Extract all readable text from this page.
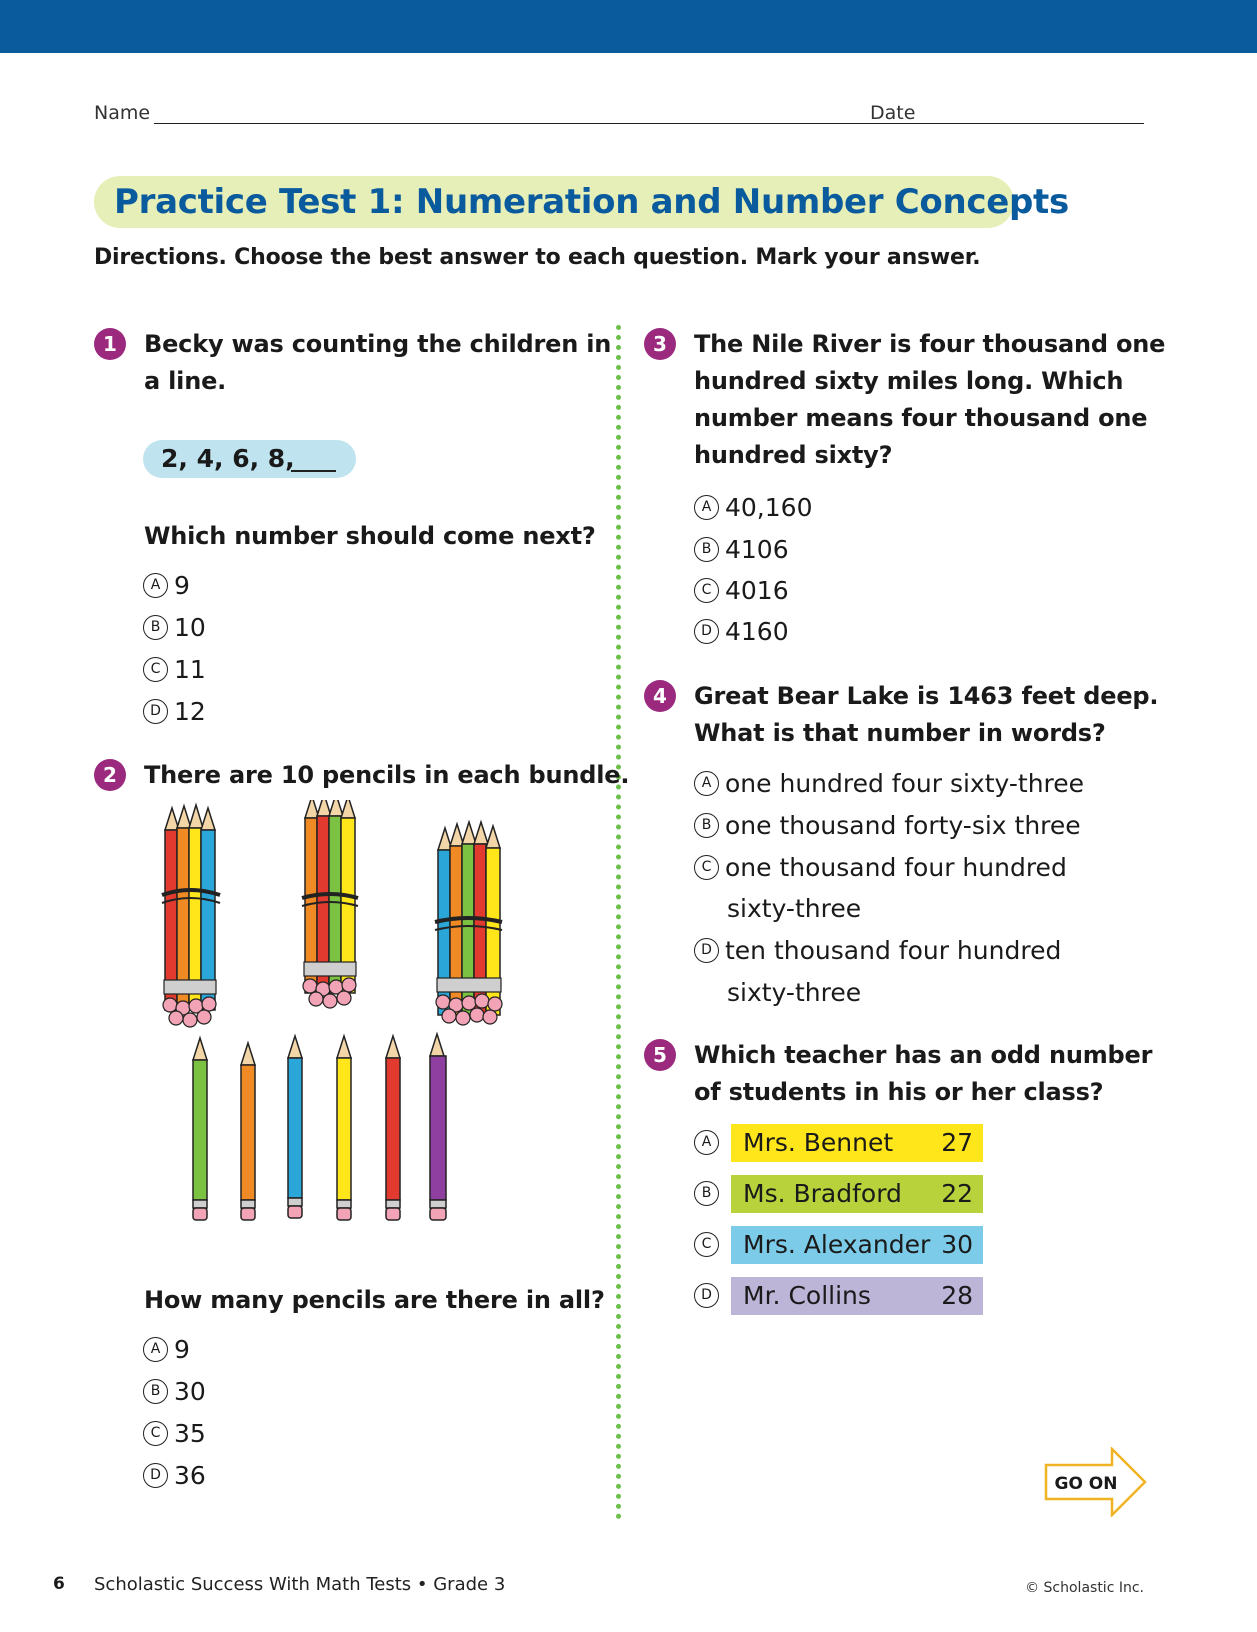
Name	Date
Practice Test 1: Numeration and Number Concepts
Directions. Choose the best answer to each question. Mark your answer.
1	Becky was counting the children in
a line.
2, 4, 6, 8,
Which number should come next?
A 9
B 10
C 11
D 12
2	There are 10 pencils in each bundle.
How many pencils are there in all?
A 9
B 30
C 35
D 36
3	The Nile River is four thousand one
hundred sixty miles long. Which
number means four thousand one
hundred sixty?
A 40,160
B 4106
C 4016
D 4160
4	Great Bear Lake is 1463 feet deep.
What is that number in words?
A one hundred four sixty-three
B one thousand forty-six three
C one thousand four hundred
sixty-three
D ten thousand four hundred
sixty-three
5	Which teacher has an odd number
of students in his or her class?
A	Mrs. Bennet 27
B	Ms. Bradford 22
C	Mrs. Alexander 30
D	Mr. Collins	28
GO ON
6 Scholastic Success With Math Tests • Grade 3	© Scholastic Inc.
